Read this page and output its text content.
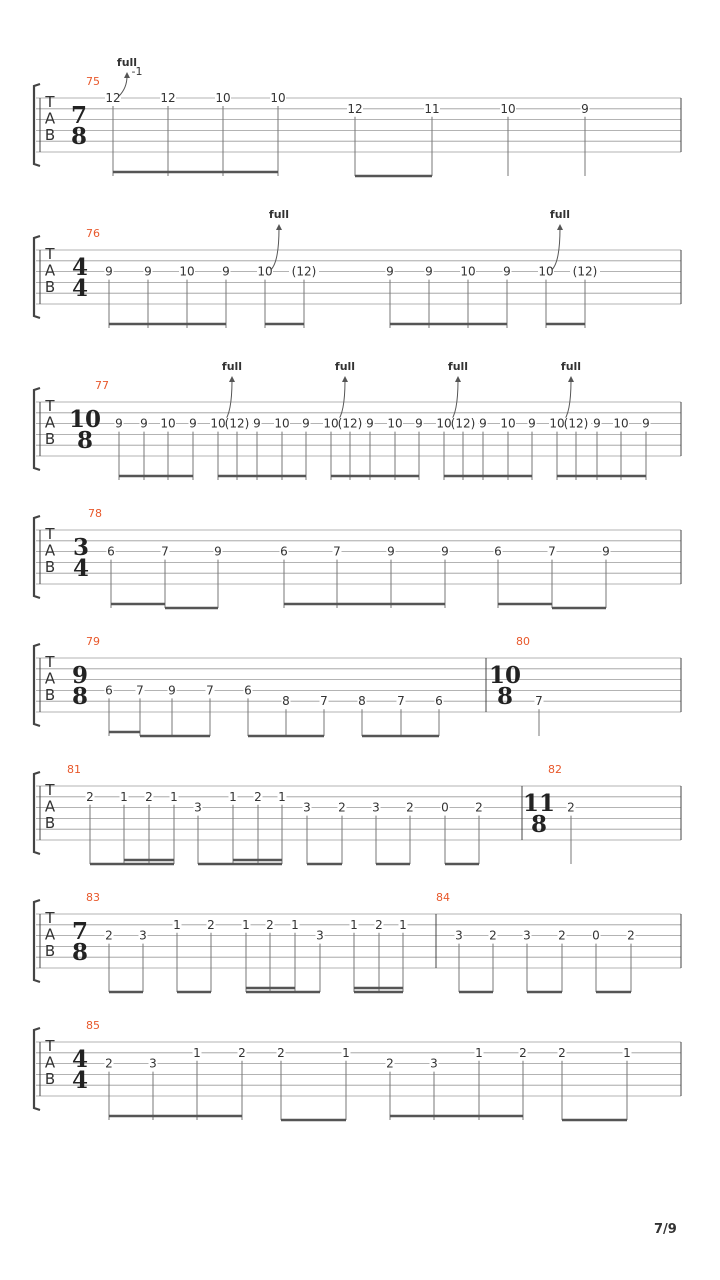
T
A
B
75
7
8
12
full
-1
12	10	10
12	11	10	9
T
A
B
76
4
4
9	9 10 9 10
full
(12)	9	9 10 9 10
full
(12)
T
A
B
77
10
8
9 9 10 9 10
full
(12) 9 10 9 10
full
(12) 9 10 9 10
full
(12) 9 10 9 10
full
(12) 9 10 9
T
A
B
78
3
4
6	7	9	6	7	9	9	6	7	9
T
A
B
79
9
8 6 7 9	7	6
8	7	8	7	6
80
10
8 7
T
A
B
81
2 1 2 1
3
1 2 1
3 2 3 2 0 2
82
11
8
2
T
A
B
83
7
8
2 3
1 2 1 2 1
3
1 2 1
84
3 2 3 2 0 2
T
A
B
85
4
4
2	3
1	2	2	1
2	3
1	2	2	1
7/9
